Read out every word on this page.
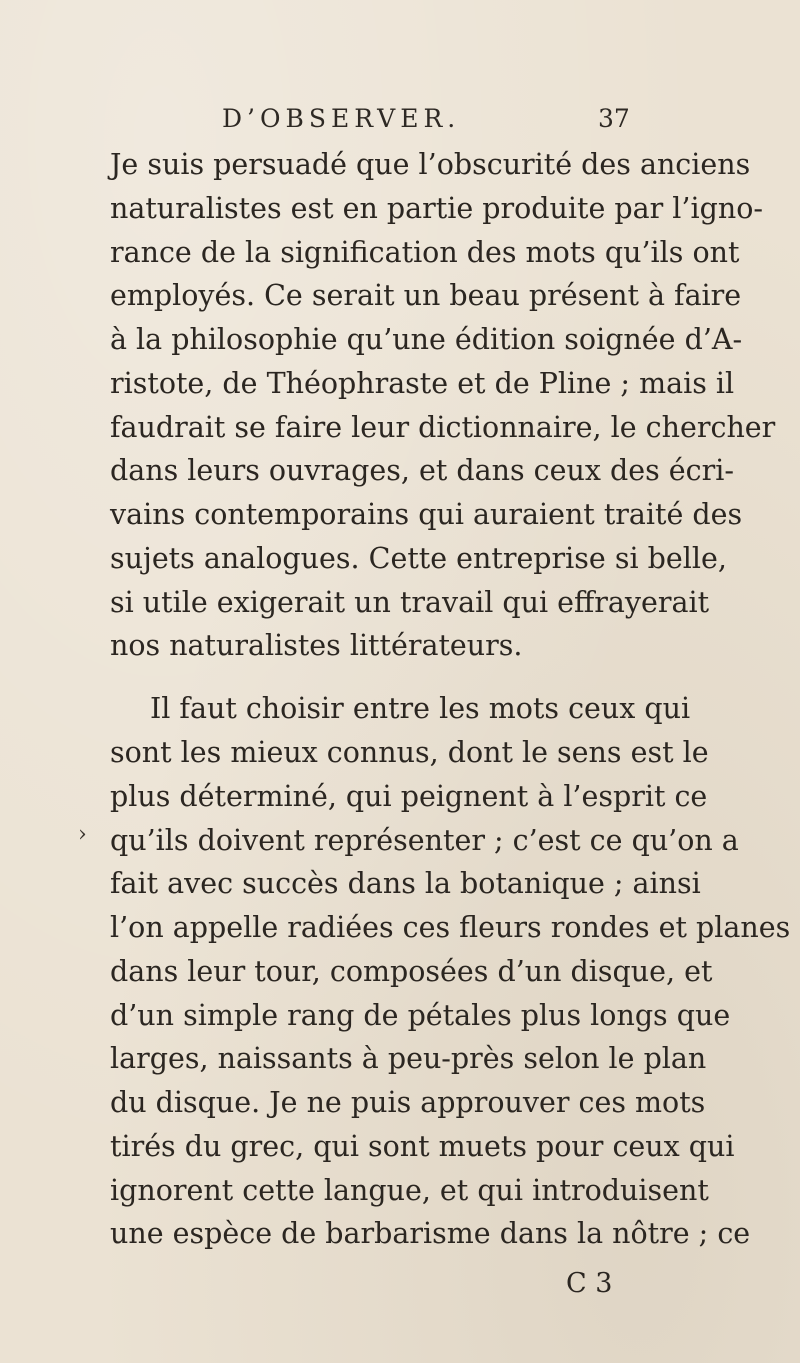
D’OBSERVER.	37
Je suis persuadé que l’obscurité des anciens
naturalistes est en partie produite par l’igno-
rance de la signification des mots qu’ils ont
employés. Ce serait un beau présent à faire
à la philosophie qu’une édition soignée d’A-
ristote, de Théophraste et de Pline ; mais il
faudrait se faire leur dictionnaire, le chercher
dans leurs ouvrages, et dans ceux des écri-
vains contemporains qui auraient traité des
sujets analogues. Cette entreprise si belle,
si utile exigerait un travail qui effrayerait
nos naturalistes littérateurs.
Il faut choisir entre les mots ceux qui
sont les mieux connus, dont le sens est le
plus déterminé, qui peignent à l’esprit ce
qu’ils doivent représenter ; c’est ce qu’on a
fait avec succès dans la botanique ; ainsi
l’on appelle radiées ces fleurs rondes et planes
dans leur tour, composées d’un disque, et
d’un simple rang de pétales plus longs que
larges, naissants à peu-près selon le plan
du disque. Je ne puis approuver ces mots
tirés du grec, qui sont muets pour ceux qui
ignorent cette langue, et qui introduisent
une espèce de barbarisme dans la nôtre ; ce
›
C 3
